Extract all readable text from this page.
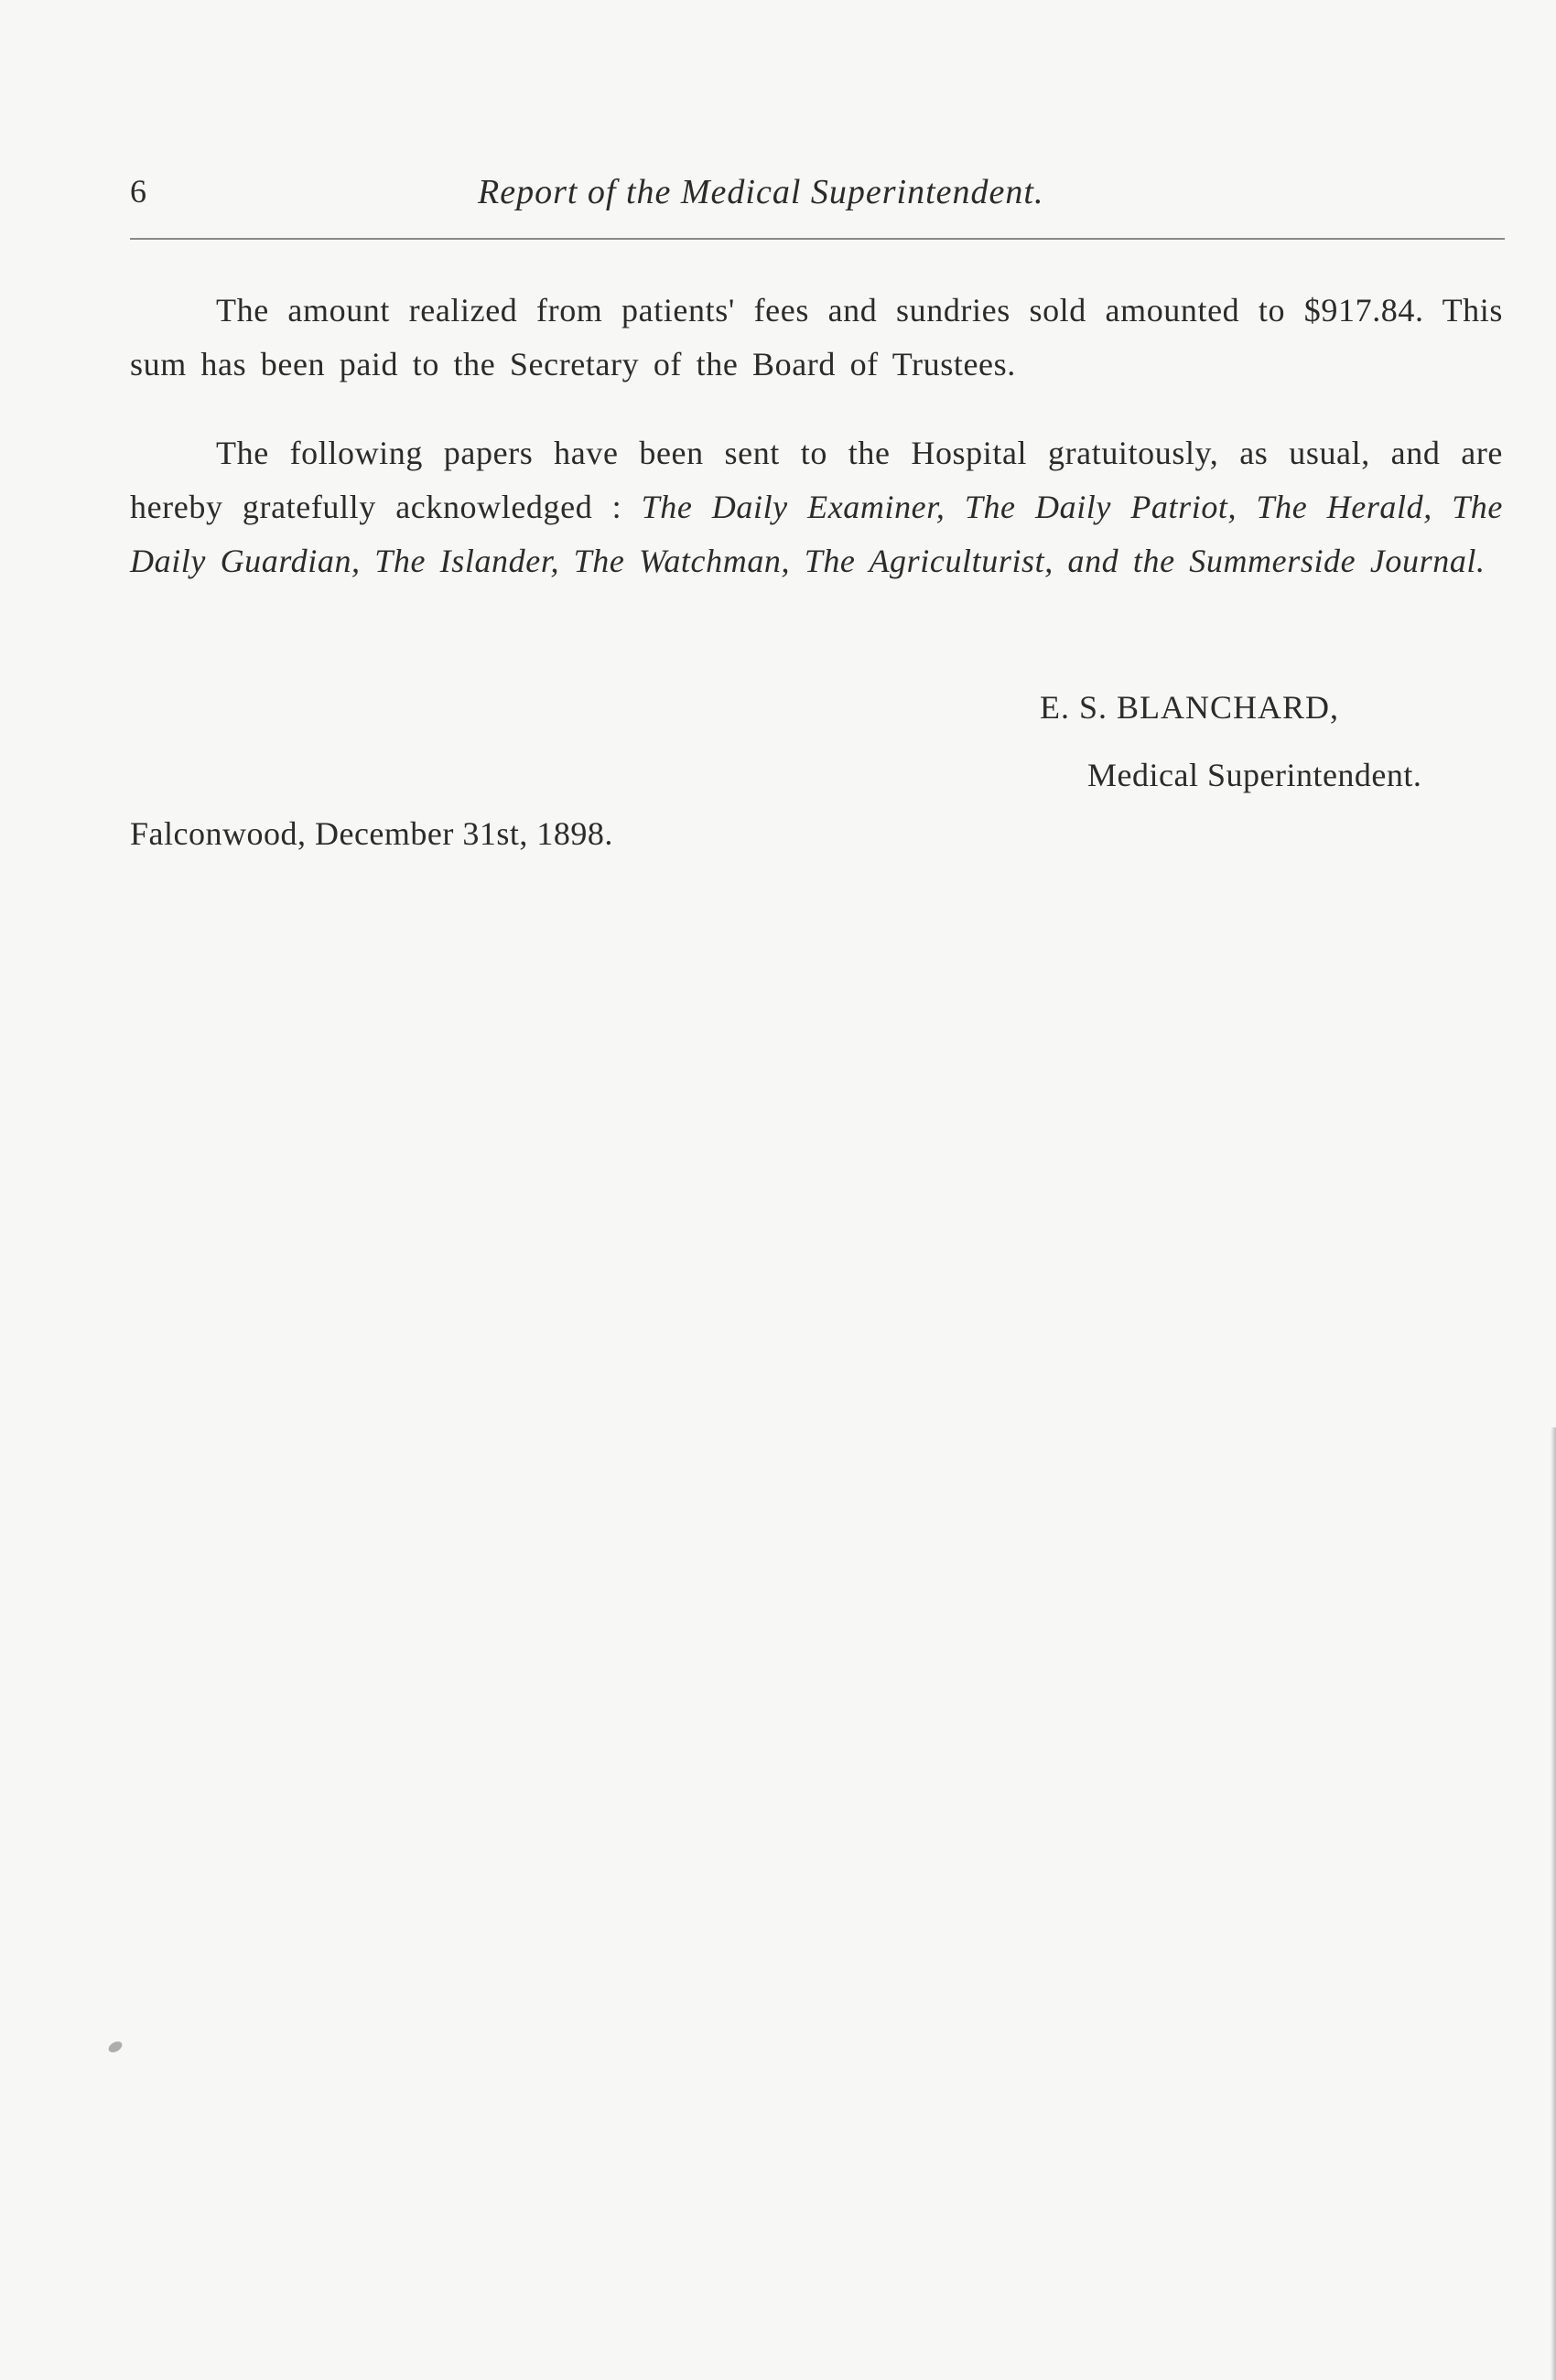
6	Report of the Medical Superintendent.

The amount realized from patients' fees and sundries sold amounted to $917.84. This sum has been paid to the Secretary of the Board of Trustees.

The following papers have been sent to the Hospital gratuitously, as usual, and are hereby gratefully acknowledged : The Daily Examiner, The Daily Patriot, The Herald, The Daily Guardian, The Islander, The Watchman, The Agriculturist, and the Summerside Journal.

E. S. BLANCHARD,
Medical Superintendent.
Falconwood, December 31st, 1898.
